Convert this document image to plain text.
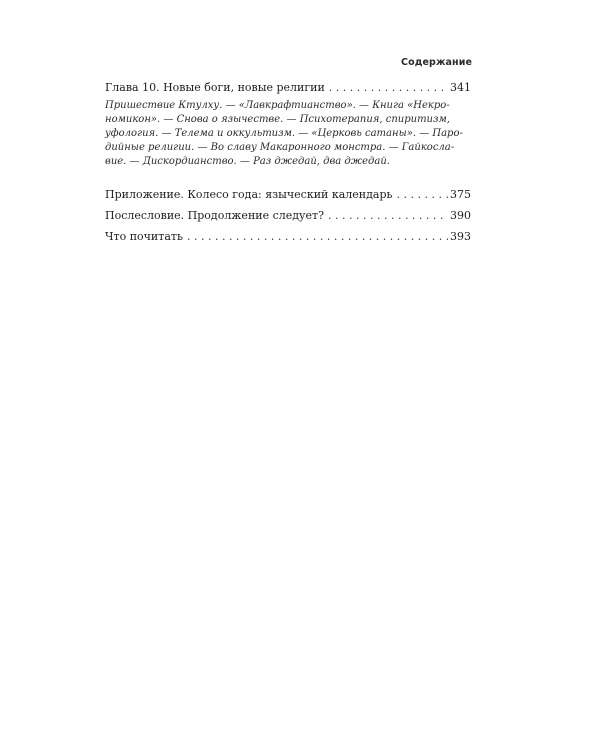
Содержание
Глава 10. Новые боги, новые религии . . .	341
Пришествие Ктулху. — «Лавкрафтианство». — Книга «Некро-
номикон». — Снова о язычестве. — Психотерапия, спиритизм,
уфология. — Телема и оккультизм. — «Церковь сатаны». — Паро-
дийные религии. — Во славу Макаронного монстра. — Гайкосла-
вие. — Дискордианство. — Раз джедай, два джедай.
Приложение. Колесо года: языческий календарь . . .	375
Послесловие. Продолжение следует? . . .	390
Что почитать . . .	393
